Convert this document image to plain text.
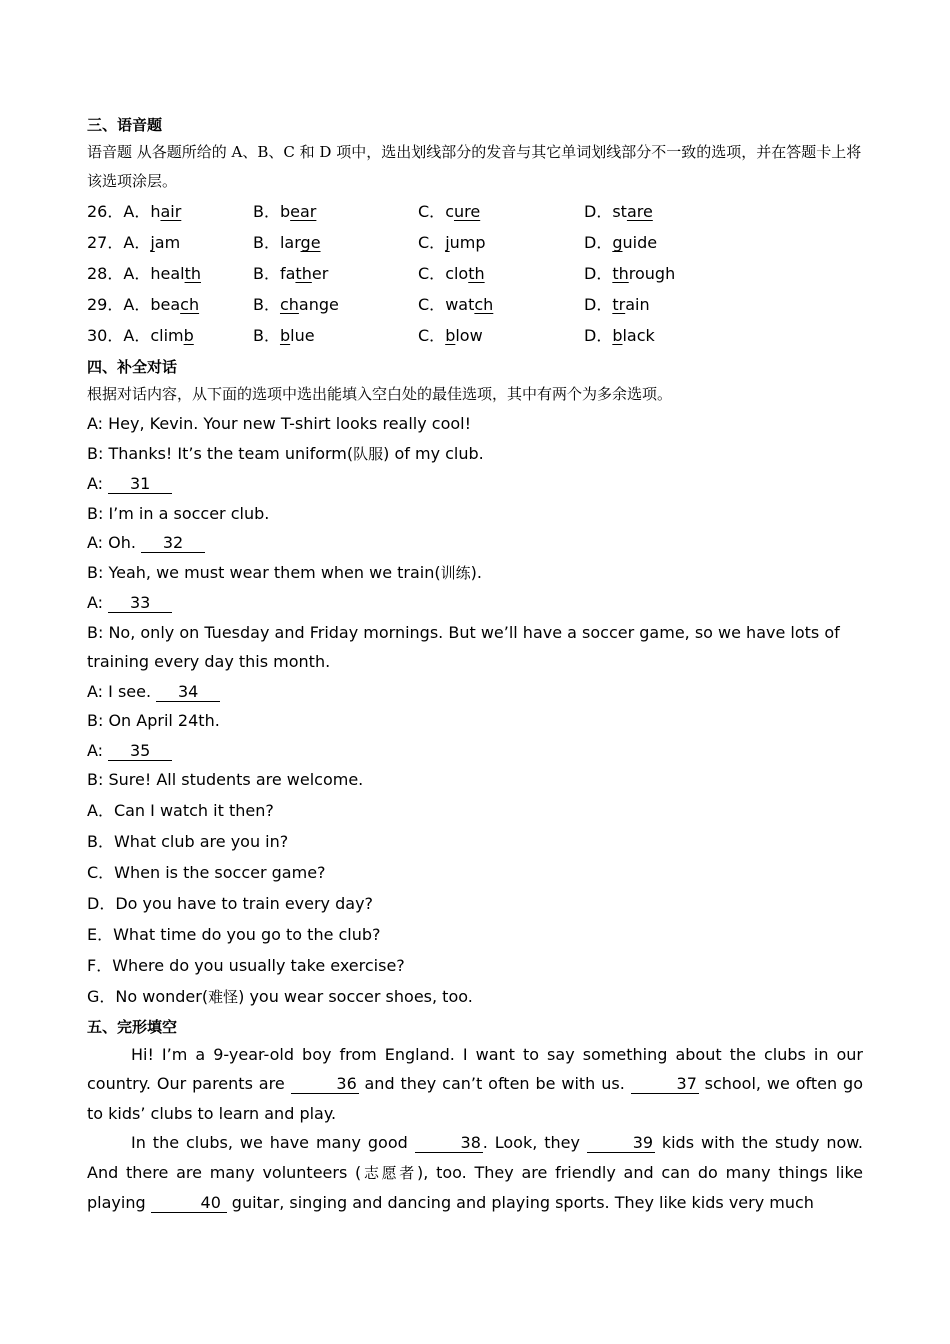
三、语音题
语音题 从各题所给的 A、B、C 和 D 项中，选出划线部分的发音与其它单词划线部分不一致的选项，并在答题卡上将该选项涂层。
26．A．hair	B．bear	C．cure	D．stare
27．A．jam	B．large	C．jump	D．guide
28．A．health	B．father	C．cloth	D．through
29．A．beach	B．change	C．watch	D．train
30．A．climb	B．blue	C．blow	D．black
四、补全对话
根据对话内容，从下面的选项中选出能填入空白处的最佳选项，其中有两个为多余选项。
A: Hey, Kevin. Your new T-shirt looks really cool!
B: Thanks! It’s the team uniform(队服) of my club.
A: 31
B: I’m in a soccer club.
A: Oh. 32
B: Yeah, we must wear them when we train(训练).
A: 33
B: No, only on Tuesday and Friday mornings. But we’ll have a soccer game, so we have lots of training every day this month.
A: I see. 34
B: On April 24th.
A: 35
B: Sure! All students are welcome.
A．Can I watch it then?
B．What club are you in?
C．When is the soccer game?
D．Do you have to train every day?
E．What time do you go to the club?
F．Where do you usually take exercise?
G．No wonder(难怪) you wear soccer shoes, too.
五、完形填空
Hi! I’m a 9-year-old boy from England. I want to say something about the clubs in our country. Our parents are	36 and they can’t often be with us.	37 school, we often go to kids’ clubs to learn and play.
In the clubs, we have many good	38 . Look, they	39 kids with the study now. And there are many volunteers (志愿者), too. They are friendly and can do many things like playing	40 guitar, singing and dancing and playing sports. They like kids very much
